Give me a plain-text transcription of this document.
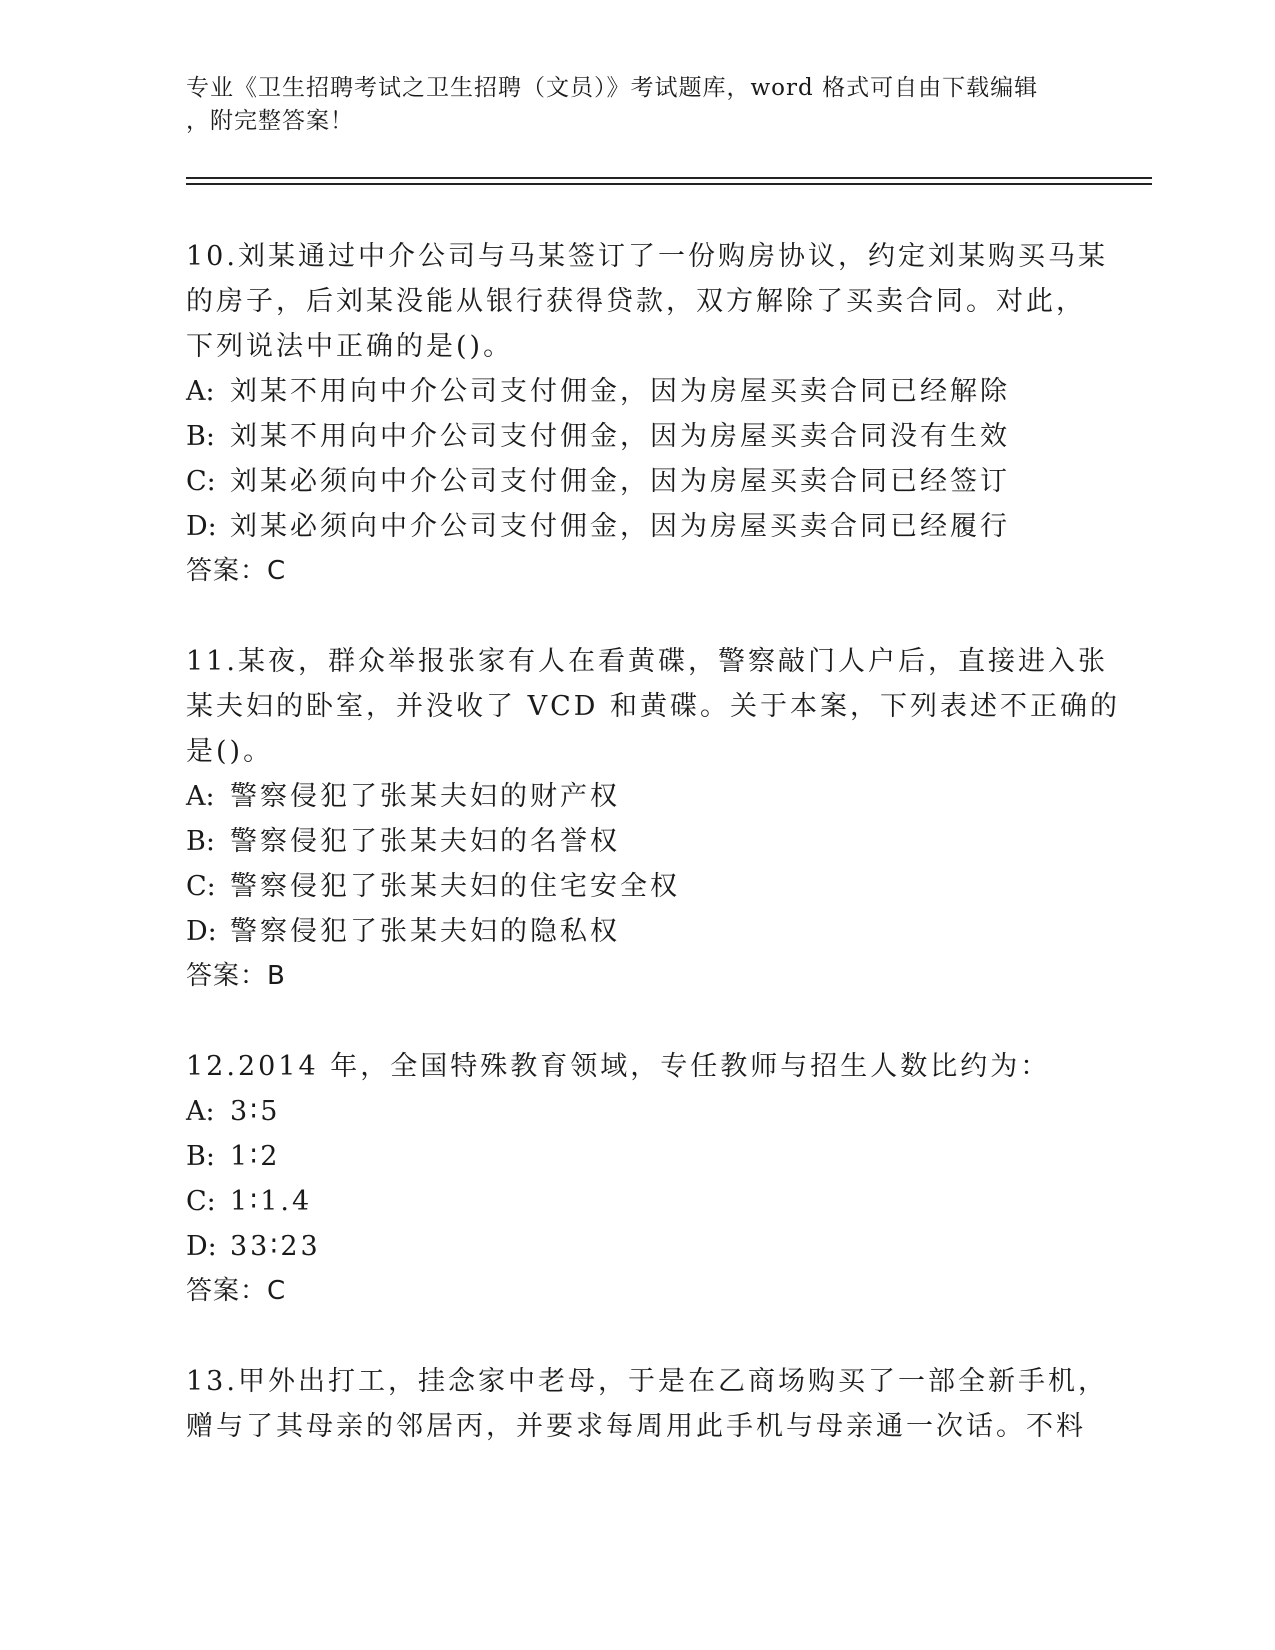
专业《卫生招聘考试之卫生招聘（文员）》考试题库，word 格式可自由下载编辑
，附完整答案！
10.刘某通过中介公司与马某签订了一份购房协议，约定刘某购买马某
的房子，后刘某没能从银行获得贷款，双方解除了买卖合同。对此，
下列说法中正确的是()。
A: 刘某不用向中介公司支付佣金，因为房屋买卖合同已经解除
B: 刘某不用向中介公司支付佣金，因为房屋买卖合同没有生效
C: 刘某必须向中介公司支付佣金，因为房屋买卖合同已经签订
D: 刘某必须向中介公司支付佣金，因为房屋买卖合同已经履行
答案：C
11.某夜，群众举报张家有人在看黄碟，警察敲门人户后，直接进入张
某夫妇的卧室，并没收了 VCD 和黄碟。关于本案，下列表述不正确的
是()。
A: 警察侵犯了张某夫妇的财产权
B: 警察侵犯了张某夫妇的名誉权
C: 警察侵犯了张某夫妇的住宅安全权
D: 警察侵犯了张某夫妇的隐私权
答案：B
12.2014 年，全国特殊教育领域，专任教师与招生人数比约为：
A: 3∶5
B: 1∶2
C: 1∶1.4
D: 33∶23
答案：C
13.甲外出打工，挂念家中老母，于是在乙商场购买了一部全新手机，
赠与了其母亲的邻居丙，并要求每周用此手机与母亲通一次话。不料
